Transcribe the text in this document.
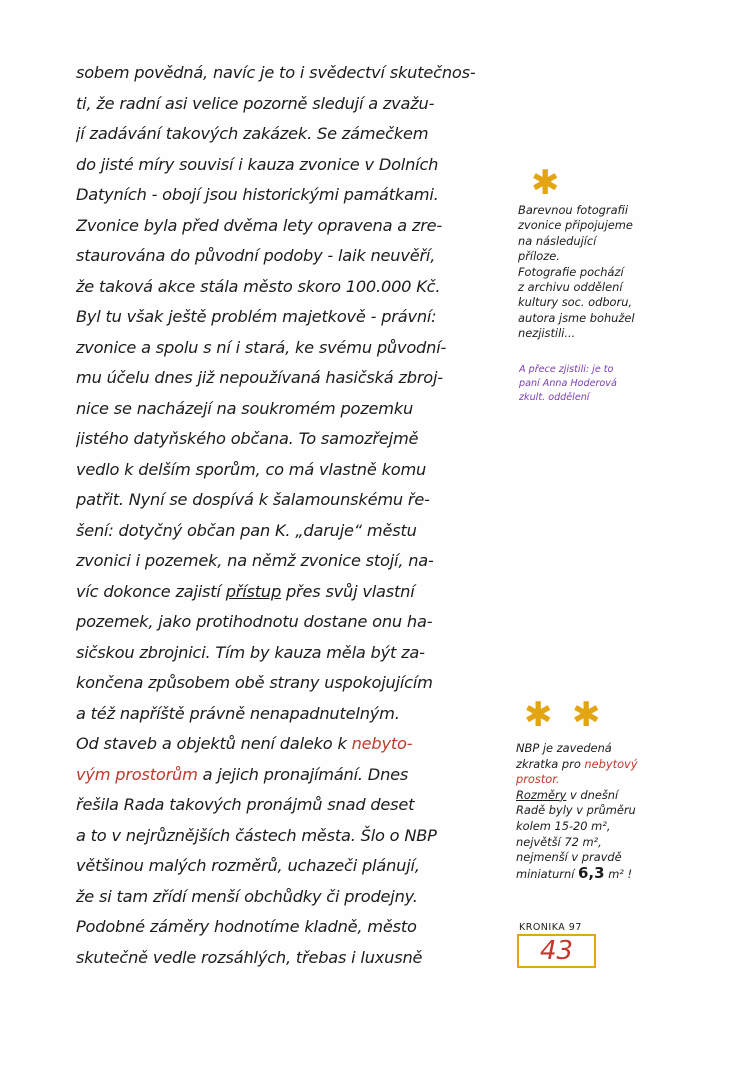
sobem povědná, navíc je to i svědectví skutečnos-
ti, že radní asi velice pozorně sledují a zvažu-
jí zadávání takových zakázek. Se zámečkem
do jisté míry souvisí i kauza zvonice v Dolních
Datyních - obojí jsou historickými památkami.
Zvonice byla před dvěma lety opravena a zre-
staurována do původní podoby - laik neuvěří,
že taková akce stála město skoro 100.000 Kč.
Byl tu však ještě problém majetkově - právní:
zvonice a spolu s ní i stará, ke svému původní-
mu účelu dnes již nepoužívaná hasičská zbroj-
nice se nacházejí na soukromém pozemku
jistého datyňského občana. To samozřejmě
vedlo k delším sporům, co má vlastně komu
patřit. Nyní se dospívá k šalamounskému ře-
šení: dotyčný občan pan K. „daruje“ městu
zvonici i pozemek, na němž zvonice stojí, na-
víc dokonce zajistí přístup přes svůj vlastní
pozemek, jako protihodnotu dostane onu ha-
sičskou zbrojnici. Tím by kauza měla být za-
končena způsobem obě strany uspokojujícím
a též napříště právně nenapadnutelným.
Od staveb a objektů není daleko k nebyto-
vým prostorům a jejich pronajímání. Dnes
řešila Rada takových pronájmů snad deset
a to v nejrůznějších částech města. Šlo o NBP
většinou malých rozměrů, uchazeči plánují,
že si tam zřídí menší obchůdky či prodejny.
Podobné záměry hodnotíme kladně, město
skutečně vedle rozsáhlých, třebas i luxusně
✱
Barevnou fotografii
zvonice připojujeme
na následující
příloze.
Fotografie pochází
z archivu oddělení
kultury soc. odboru,
autora jsme bohužel
nezjistili...
A přece zjistili: je to
paní Anna Hoderová
zkult. oddělení
✱ ✱
NBP je zavedená
zkratka pro nebytový
prostor.
Rozměry v dnešní
Radě byly v průměru
kolem 15-20 m²,
největší 72 m²,
nejmenší v pravdě
miniaturní 6,3 m² !
KRONIKA 97
43
